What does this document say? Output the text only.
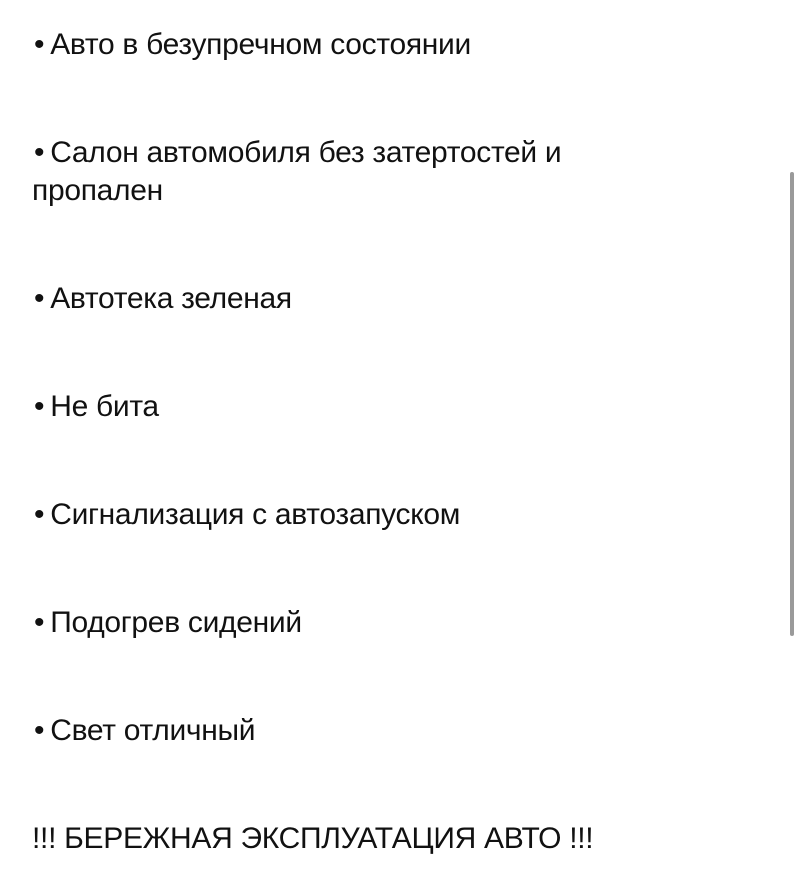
• Авто в безупречном состоянии

• Салон автомобиля без затертостей и пропален

• Автотека зеленая

• Не бита

• Сигнализация с автозапуском

• Подогрев сидений

• Свет отличный

!!! БЕРЕЖНАЯ ЭКСПЛУАТАЦИЯ АВТО !!!
